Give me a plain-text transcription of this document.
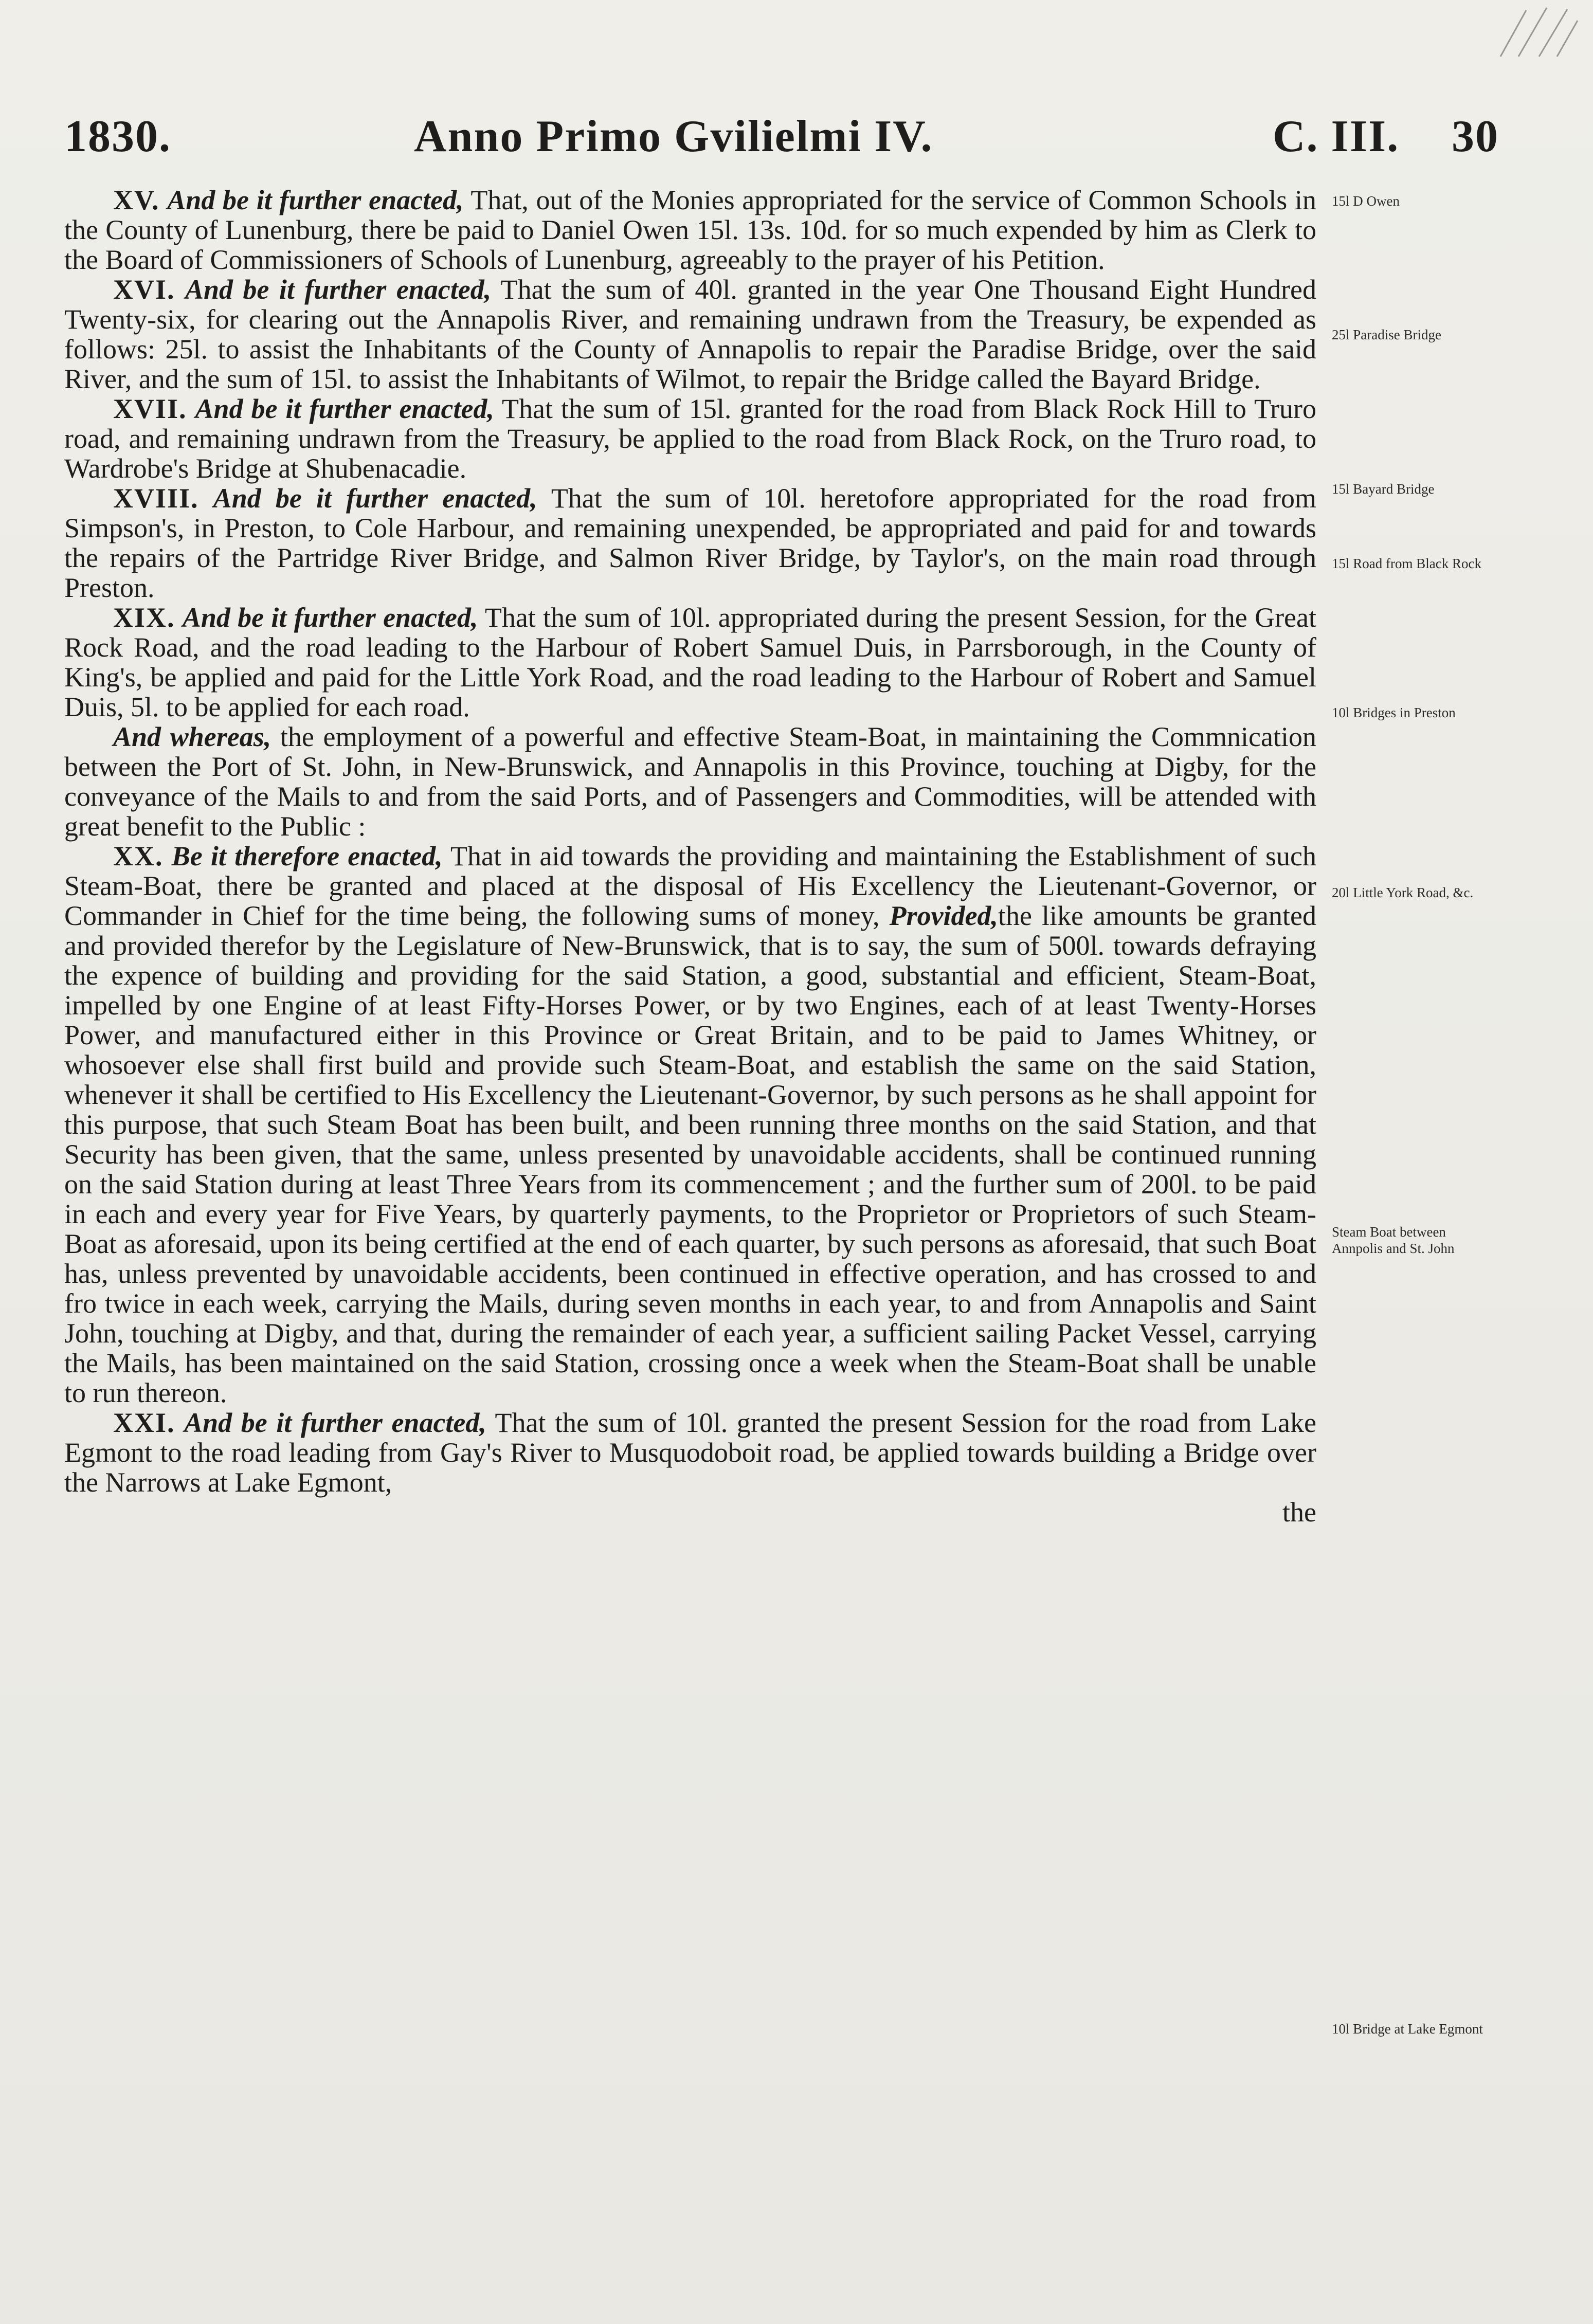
1830.	Anno Primo Gvilielmi IV.	C. III. 30

XV. And be it further enacted, That, out of the Monies appropriated for the service of Common Schools in the County of Lunenburg, there be paid to Daniel Owen 15l. 13s. 10d. for so much expended by him as Clerk to the Board of Commissioners of Schools of Lunenburg, agreeably to the prayer of his Petition.

XVI. And be it further enacted, That the sum of 40l. granted in the year One Thousand Eight Hundred Twenty-six, for clearing out the Annapolis River, and remaining undrawn from the Treasury, be expended as follows: 25l. to assist the Inhabitants of the County of Annapolis to repair the Paradise Bridge, over the said River, and the sum of 15l. to assist the Inhabitants of Wilmot, to repair the Bridge called the Bayard Bridge.

XVII. And be it further enacted, That the sum of 15l. granted for the road from Black Rock Hill to Truro road, and remaining undrawn from the Treasury, be applied to the road from Black Rock, on the Truro road, to Wardrobe's Bridge at Shubenacadie.

XVIII. And be it further enacted, That the sum of 10l. heretofore appropriated for the road from Simpson's, in Preston, to Cole Harbour, and remaining unexpended, be appropriated and paid for and towards the repairs of the Partridge River Bridge, and Salmon River Bridge, by Taylor's, on the main road through Preston.

XIX. And be it further enacted, That the sum of 10l. appropriated during the present Session, for the Great Rock Road, and the road leading to the Harbour of Robert Samuel Duis, in Parrsborough, in the County of King's, be applied and paid for the Little York Road, and the road leading to the Harbour of Robert and Samuel Duis, 5l. to be applied for each road.

And whereas, the employment of a powerful and effective Steam-Boat, in maintaining the Commnication between the Port of St. John, in New-Brunswick, and Annapolis in this Province, touching at Digby, for the conveyance of the Mails to and from the said Ports, and of Passengers and Commodities, will be attended with great benefit to the Public :

XX. Be it therefore enacted, That in aid towards the providing and maintaining the Establishment of such Steam-Boat, there be granted and placed at the disposal of His Excellency the Lieutenant-Governor, or Commander in Chief for the time being, the following sums of money, Provided,the like amounts be granted and provided therefor by the Legislature of New-Brunswick, that is to say, the sum of 500l. towards defraying the expence of building and providing for the said Station, a good, substantial and efficient, Steam-Boat, impelled by one Engine of at least Fifty-Horses Power, or by two Engines, each of at least Twenty-Horses Power, and manufactured either in this Province or Great Britain, and to be paid to James Whitney, or whosoever else shall first build and provide such Steam-Boat, and establish the same on the said Station, whenever it shall be certified to His Excellency the Lieutenant-Governor, by such persons as he shall appoint for this purpose, that such Steam Boat has been built, and been running three months on the said Station, and that Security has been given, that the same, unless presented by unavoidable accidents, shall be continued running on the said Station during at least Three Years from its commencement ; and the further sum of 200l. to be paid in each and every year for Five Years, by quarterly payments, to the Proprietor or Proprietors of such Steam-Boat as aforesaid, upon its being certified at the end of each quarter, by such persons as aforesaid, that such Boat has, unless prevented by unavoidable accidents, been continued in effective operation, and has crossed to and fro twice in each week, carrying the Mails, during seven months in each year, to and from Annapolis and Saint John, touching at Digby, and that, during the remainder of each year, a sufficient sailing Packet Vessel, carrying the Mails, has been maintained on the said Station, crossing once a week when the Steam-Boat shall be unable to run thereon.

XXI. And be it further enacted, That the sum of 10l. granted the present Session for the road from Lake Egmont to the road leading from Gay's River to Musquodoboit road, be applied towards building a Bridge over the Narrows at Lake Egmont,

the

15l D Owen
25l Paradise Bridge
15l Bayard Bridge
15l Road from Black Rock
10l Bridges in Preston
20l Little York Road, &c.
Steam Boat between Annpolis and St. John
10l Bridge at Lake Egmont
